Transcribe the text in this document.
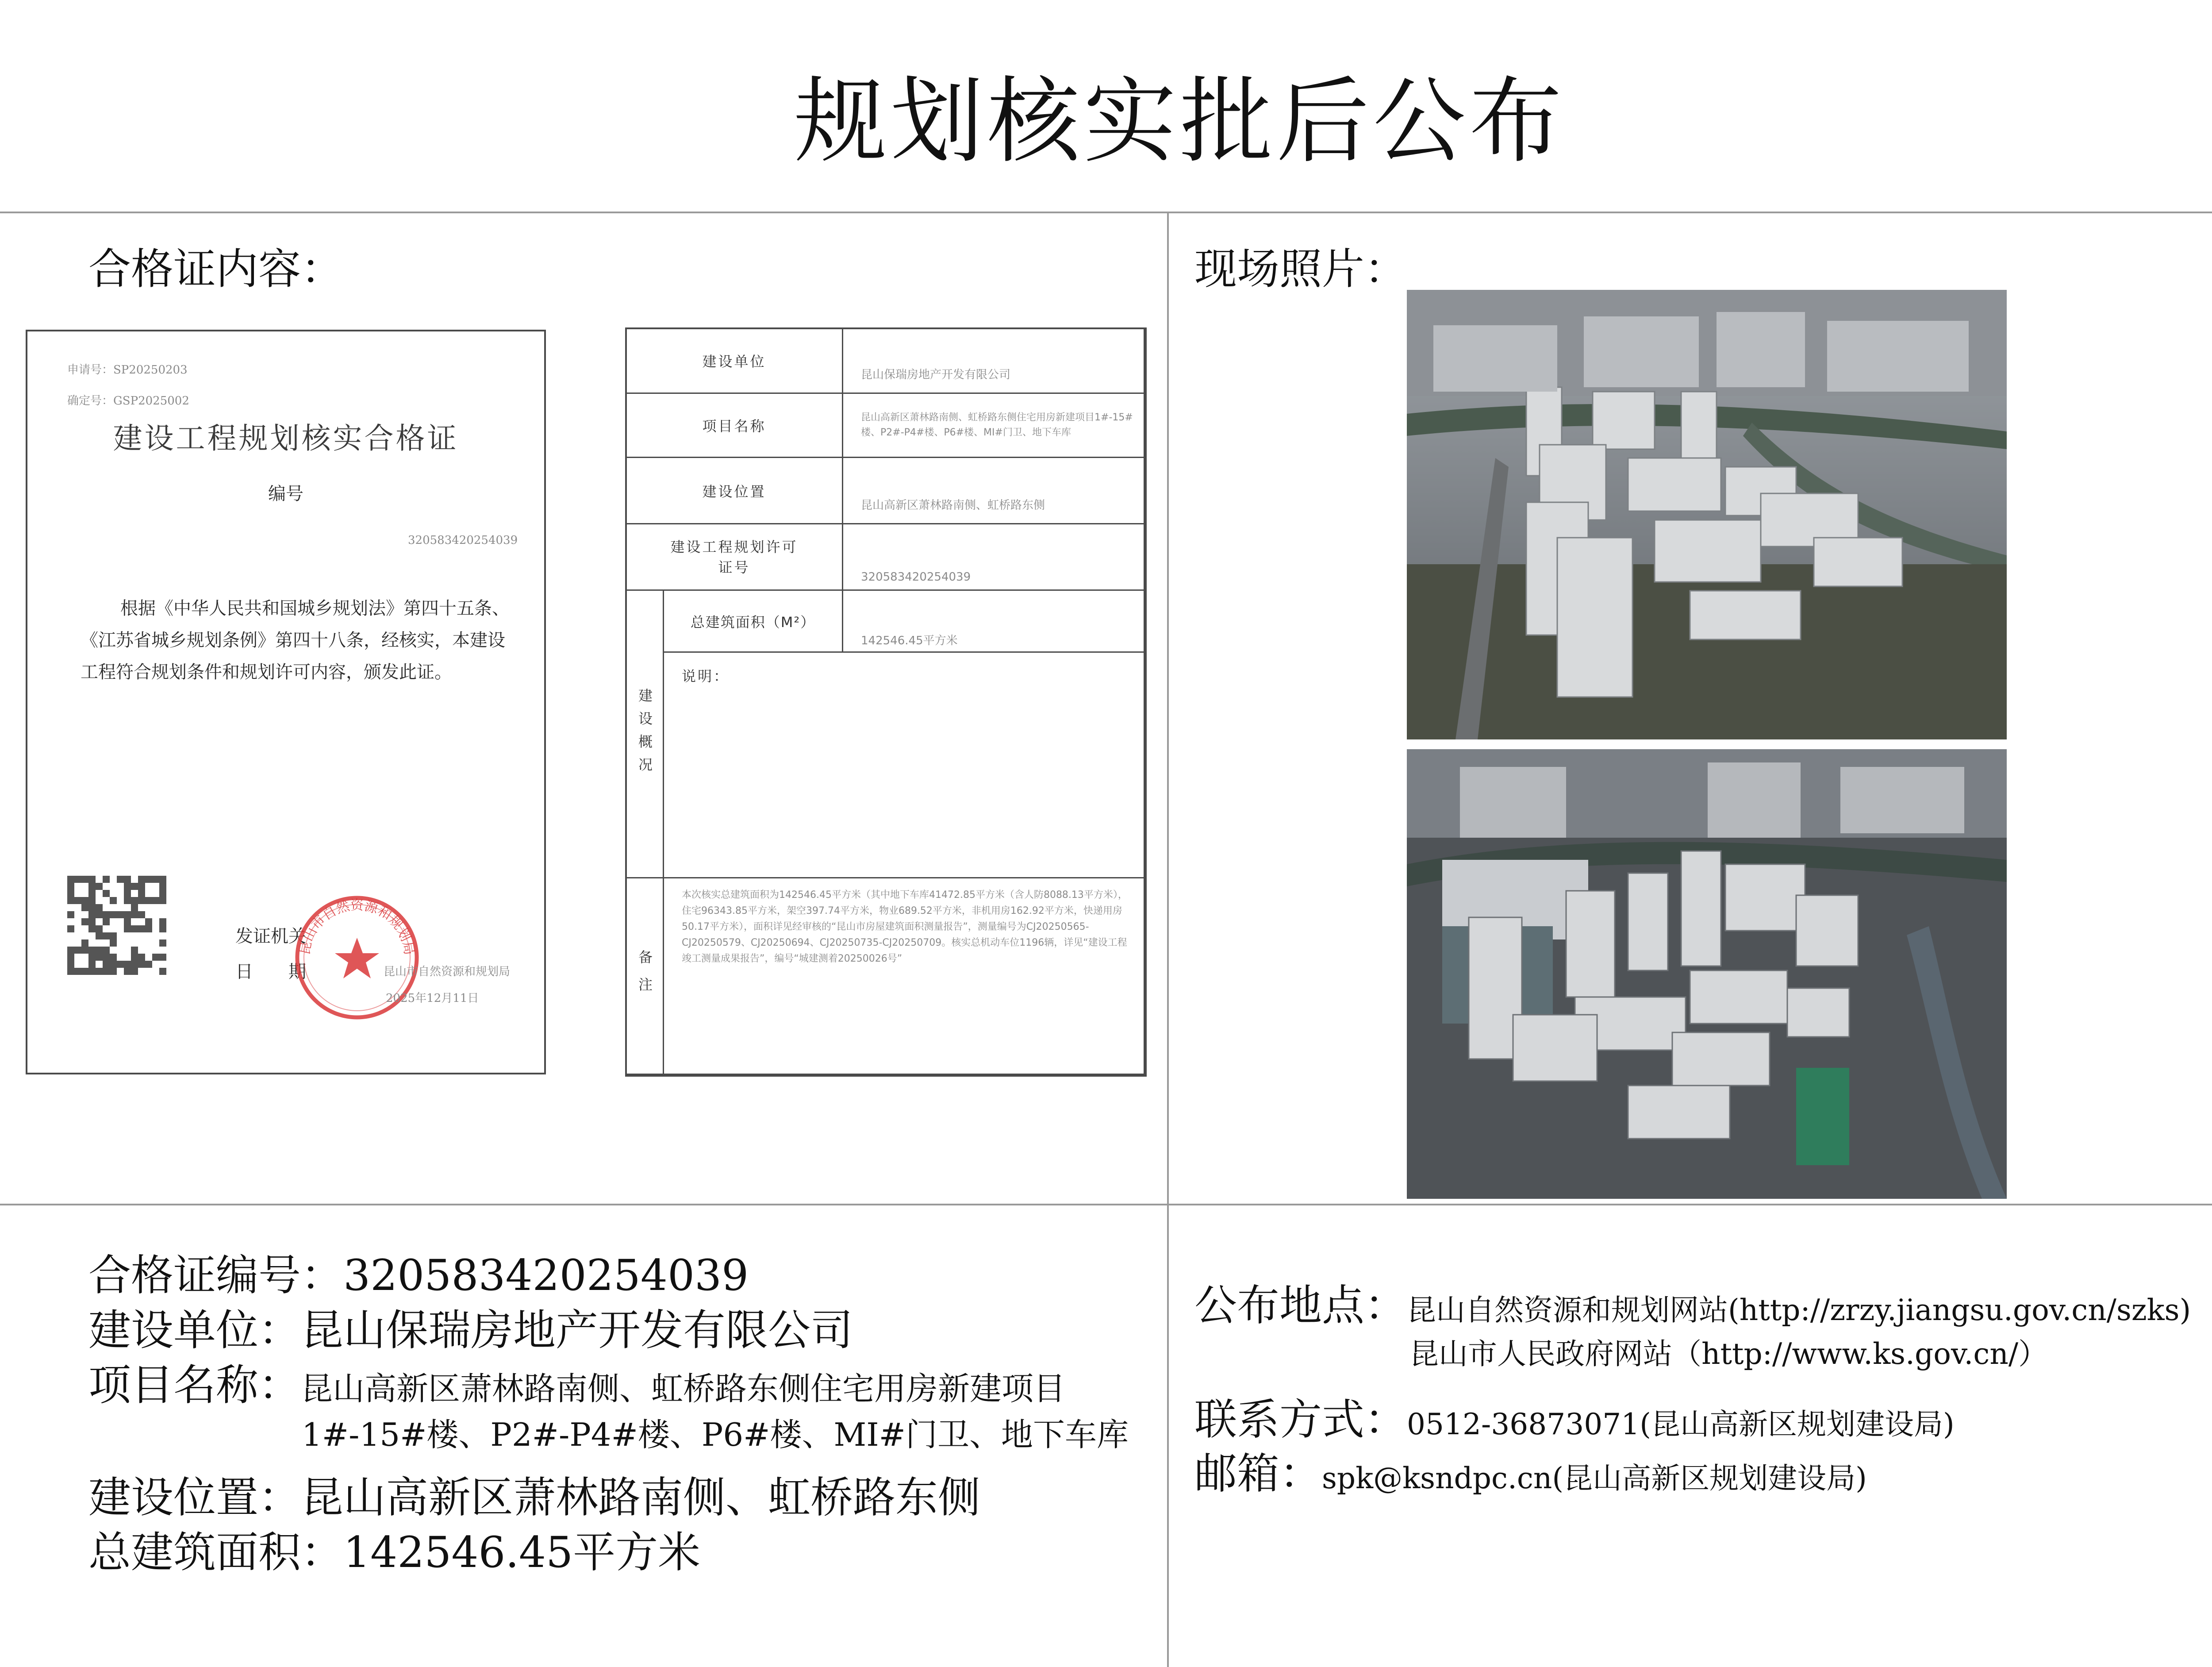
规划核实批后公布
合格证内容：
申请号：SP20250203
确定号：GSP2025002
建设工程规划核实合格证
编号
320583420254039
根据《中华人民共和国城乡规划法》第四十五条、《江苏省城乡规划条例》第四十八条，经核实，本建设工程符合规划条件和规划许可内容，颁发此证。
发证机关
日　　期
昆山市自然资源和规划局
昆山市自然资源和规划局
2025年12月11日
建设单位		昆山保瑞房地产开发有限公司
项目名称		昆山高新区萧林路南侧、虹桥路东侧住宅用房新建项目1#-15#楼、P2#-P4#楼、P6#楼、MI#门卫、地下车库
建设位置		昆山高新区萧林路南侧、虹桥路东侧
建设工程规划许可证号		320583420254039
建设概况	总建筑面积（M²）	142546.45平方米
	说明：	
备注	本次核实总建筑面积为142546.45平方米（其中地下车库41472.85平方米（含人防8088.13平方米），住宅96343.85平方米，架空397.74平方米，物业689.52平方米，非机用房162.92平方米，快递用房50.17平方米），面积详见经审核的“昆山市房屋建筑面积测量报告”，测量编号为CJ20250565-CJ20250579、CJ20250694、CJ20250735-CJ20250709。核实总机动车位1196辆，详见“建设工程竣工测量成果报告”，编号“城建测着20250026号”	
现场照片：
合格证编号：320583420254039
建设单位：昆山保瑞房地产开发有限公司
项目名称：昆山高新区萧林路南侧、虹桥路东侧住宅用房新建项目
1#-15#楼、P2#-P4#楼、P6#楼、MI#门卫、地下车库
建设位置：昆山高新区萧林路南侧、虹桥路东侧
总建筑面积：142546.45平方米
公布地点：昆山自然资源和规划网站(http://zrzy.jiangsu.gov.cn/szks)
昆山市人民政府网站（http://www.ks.gov.cn/）
联系方式：0512-36873071(昆山高新区规划建设局)
邮箱：spk@ksndpc.cn(昆山高新区规划建设局)
